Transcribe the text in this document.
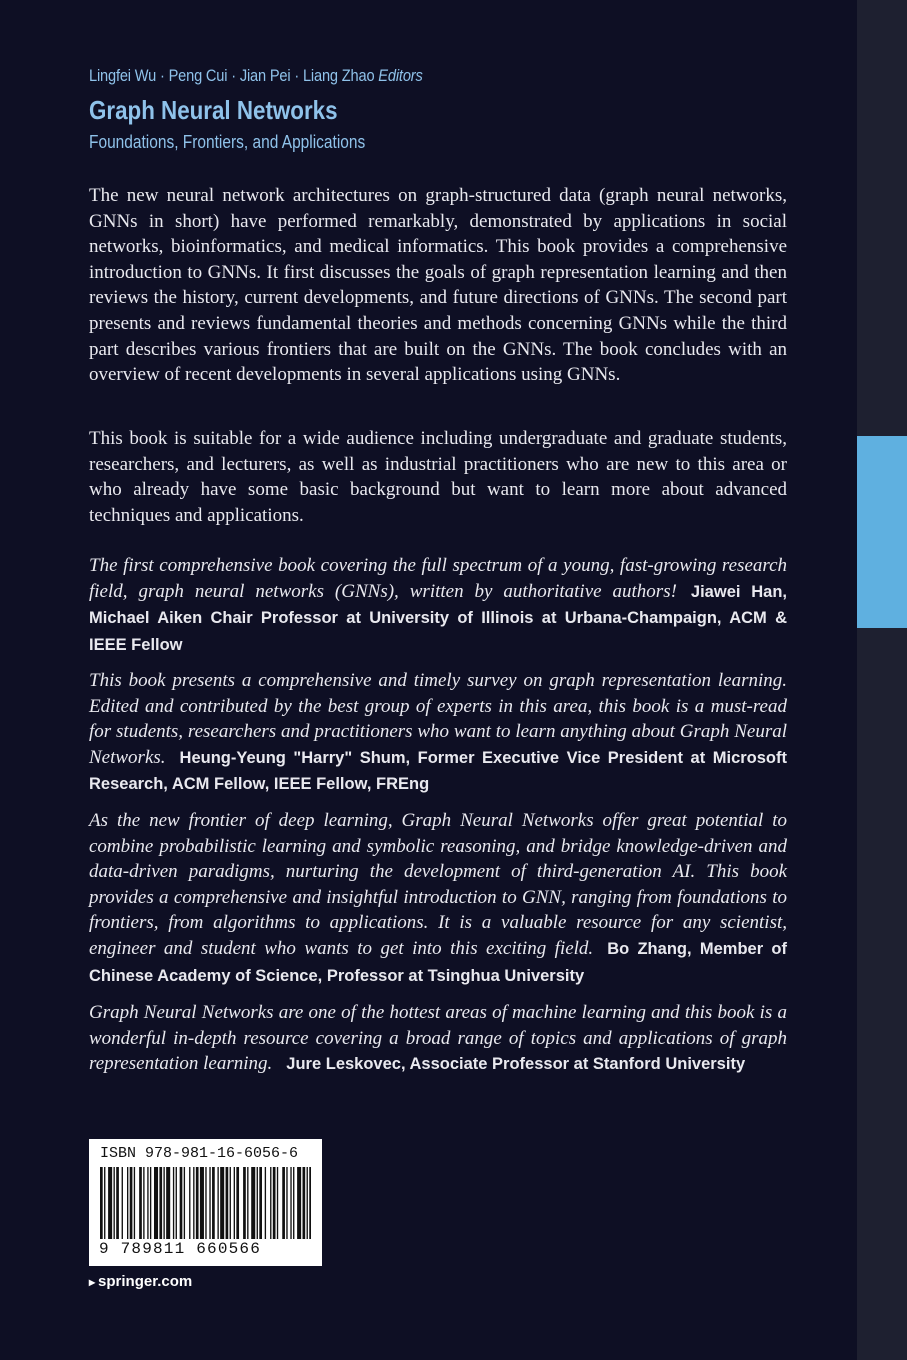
Lingfei Wu · Peng Cui · Jian Pei · Liang Zhao Editors
Graph Neural Networks
Foundations, Frontiers, and Applications

The new neural network architectures on graph-structured data (graph neural networks, GNNs in short) have performed remarkably, demonstrated by applications in social networks, bioinformatics, and medical informatics. This book provides a comprehensive introduction to GNNs. It first discusses the goals of graph representation learning and then reviews the history, current developments, and future directions of GNNs. The second part presents and reviews fundamental theories and methods concerning GNNs while the third part describes various frontiers that are built on the GNNs. The book concludes with an overview of recent developments in several applications using GNNs.

This book is suitable for a wide audience including undergraduate and graduate students, researchers, and lecturers, as well as industrial practitioners who are new to this area or who already have some basic background but want to learn more about advanced techniques and applications.

The first comprehensive book covering the full spectrum of a young, fast-growing research field, graph neural networks (GNNs), written by authoritative authors! Jiawei Han, Michael Aiken Chair Professor at University of Illinois at Urbana-Champaign, ACM & IEEE Fellow

This book presents a comprehensive and timely survey on graph representation learning. Edited and contributed by the best group of experts in this area, this book is a must-read for students, researchers and practitioners who want to learn anything about Graph Neural Networks. Heung-Yeung "Harry" Shum, Former Executive Vice President at Microsoft Research, ACM Fellow, IEEE Fellow, FREng

As the new frontier of deep learning, Graph Neural Networks offer great potential to combine probabilistic learning and symbolic reasoning, and bridge knowledge-driven and data-driven paradigms, nurturing the development of third-generation AI. This book provides a comprehensive and insightful introduction to GNN, ranging from foundations to frontiers, from algorithms to applications. It is a valuable resource for any scientist, engineer and student who wants to get into this exciting field. Bo Zhang, Member of Chinese Academy of Science, Professor at Tsinghua University

Graph Neural Networks are one of the hottest areas of machine learning and this book is a wonderful in-depth resource covering a broad range of topics and applications of graph representation learning. Jure Leskovec, Associate Professor at Stanford University

ISBN 978-981-16-6056-6
9 789811 660566
▸ springer.com
